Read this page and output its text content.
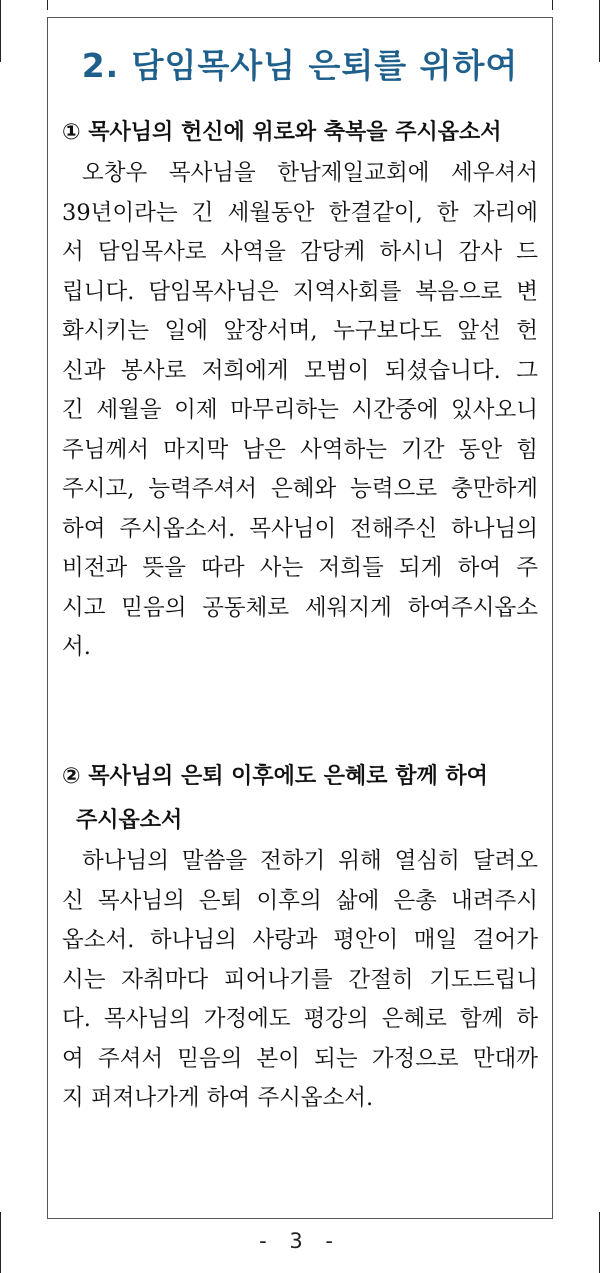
2. 담임목사님 은퇴를 위하여
① 목사님의 헌신에 위로와 축복을 주시옵소서
오창우 목사님을 한남제일교회에 세우셔서
39년이라는 긴 세월동안 한결같이, 한 자리에
서 담임목사로 사역을 감당케 하시니 감사 드
립니다. 담임목사님은 지역사회를 복음으로 변
화시키는 일에 앞장서며, 누구보다도 앞선 헌
신과 봉사로 저희에게 모범이 되셨습니다. 그
긴 세월을 이제 마무리하는 시간중에 있사오니
주님께서 마지막 남은 사역하는 기간 동안 힘
주시고, 능력주셔서 은혜와 능력으로 충만하게
하여 주시옵소서. 목사님이 전해주신 하나님의
비전과 뜻을 따라 사는 저희들 되게 하여 주
시고 믿음의 공동체로 세워지게 하여주시옵소
서.
② 목사님의 은퇴 이후에도 은혜로 함께 하여
주시옵소서
하나님의 말씀을 전하기 위해 열심히 달려오
신 목사님의 은퇴 이후의 삶에 은총 내려주시
옵소서. 하나님의 사랑과 평안이 매일 걸어가
시는 자취마다 피어나기를 간절히 기도드립니
다. 목사님의 가정에도 평강의 은혜로 함께 하
여 주셔서 믿음의 본이 되는 가정으로 만대까
지 퍼져나가게 하여 주시옵소서.
- 3 -
